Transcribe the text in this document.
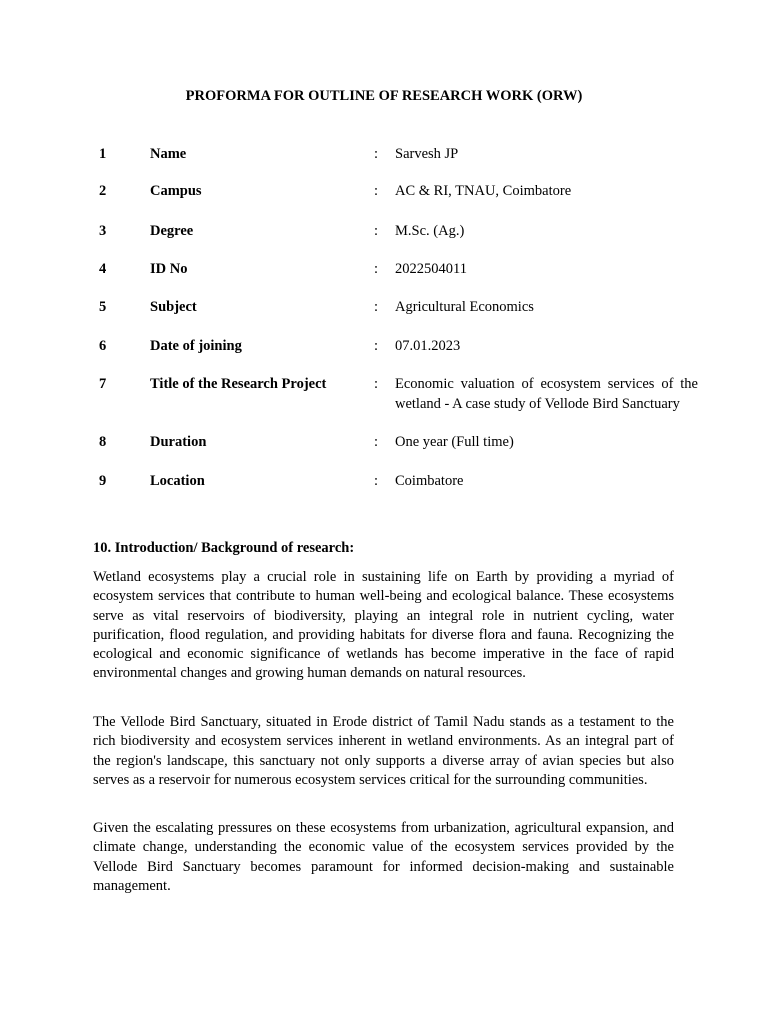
PROFORMA FOR OUTLINE OF RESEARCH WORK (ORW)
1	Name	: Sarvesh JP
2	Campus	: AC & RI, TNAU, Coimbatore
3	Degree	: M.Sc. (Ag.)
4	ID No	: 2022504011
5	Subject	: Agricultural Economics
6	Date of joining	: 07.01.2023
7	Title of the Research Project	: Economic valuation of ecosystem services of the wetland - A case study of Vellode Bird Sanctuary
8	Duration	: One year (Full time)
9	Location	: Coimbatore
10. Introduction/ Background of research:

Wetland ecosystems play a crucial role in sustaining life on Earth by providing a myriad of ecosystem services that contribute to human well-being and ecological balance. These ecosystems serve as vital reservoirs of biodiversity, playing an integral role in nutrient cycling, water purification, flood regulation, and providing habitats for diverse flora and fauna. Recognizing the ecological and economic significance of wetlands has become imperative in the face of rapid environmental changes and growing human demands on natural resources.

The Vellode Bird Sanctuary, situated in Erode district of Tamil Nadu stands as a testament to the rich biodiversity and ecosystem services inherent in wetland environments. As an integral part of the region's landscape, this sanctuary not only supports a diverse array of avian species but also serves as a reservoir for numerous ecosystem services critical for the surrounding communities.

Given the escalating pressures on these ecosystems from urbanization, agricultural expansion, and climate change, understanding the economic value of the ecosystem services provided by the Vellode Bird Sanctuary becomes paramount for informed decision-making and sustainable management.
